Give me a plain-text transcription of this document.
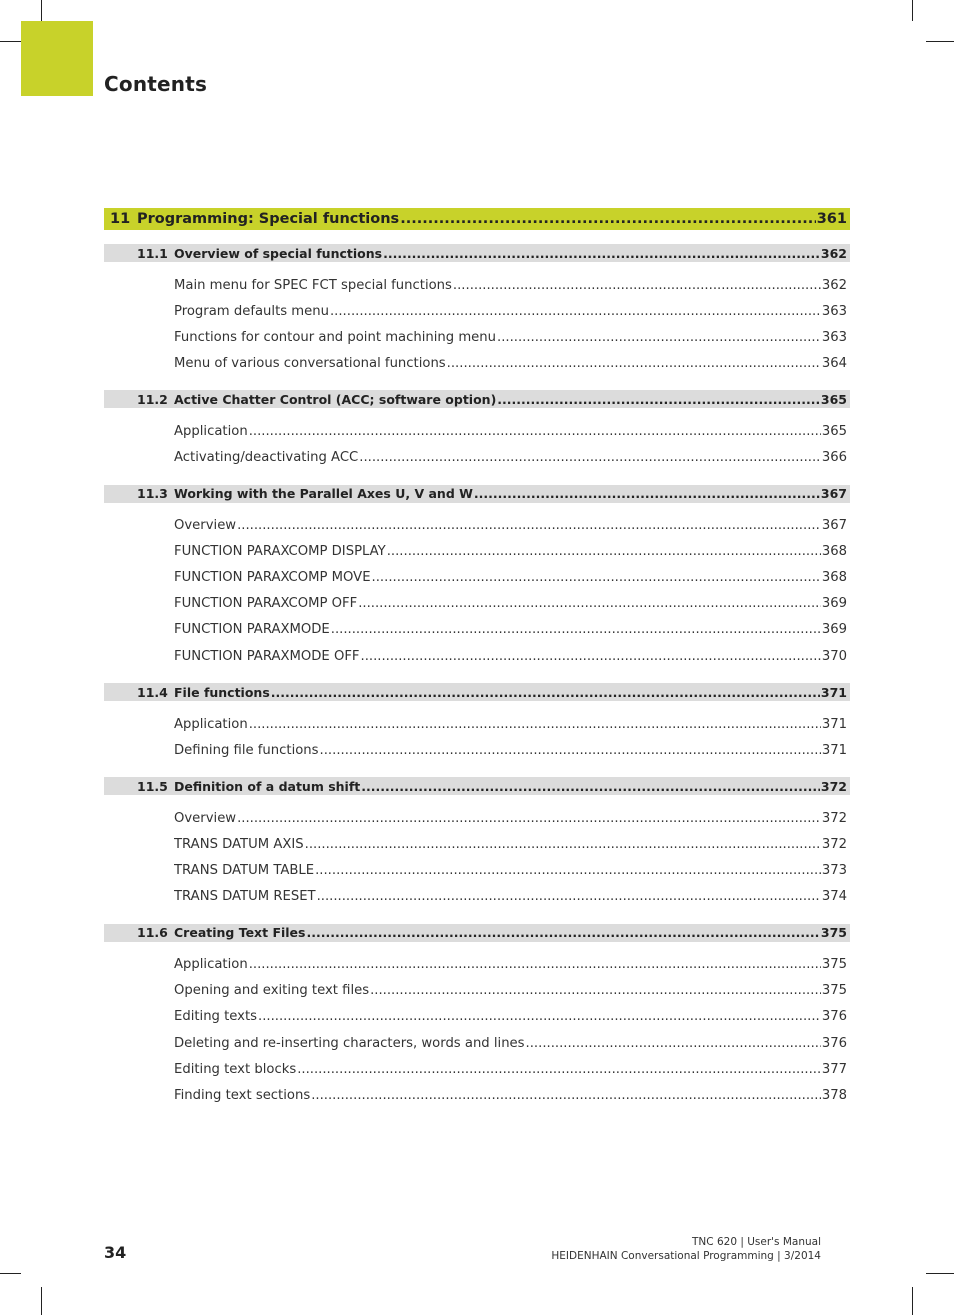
Contents
11 Programming: Special functions .....	361
11.1 Overview of special functions .....	362
Main menu for SPEC FCT special functions .....	362
Program defaults menu .....	363
Functions for contour and point machining menu .....	363
Menu of various conversational functions .....	364
11.2 Active Chatter Control (ACC; software option) .....	365
Application .....	365
Activating/deactivating ACC .....	366
11.3 Working with the Parallel Axes U, V and W .....	367
Overview .....	367
FUNCTION PARAXCOMP DISPLAY .....	368
FUNCTION PARAXCOMP MOVE .....	368
FUNCTION PARAXCOMP OFF .....	369
FUNCTION PARAXMODE .....	369
FUNCTION PARAXMODE OFF .....	370
11.4 File functions .....	371
Application .....	371
Defining file functions .....	371
11.5 Definition of a datum shift .....	372
Overview .....	372
TRANS DATUM AXIS .....	372
TRANS DATUM TABLE .....	373
TRANS DATUM RESET .....	374
11.6 Creating Text Files .....	375
Application .....	375
Opening and exiting text files .....	375
Editing texts .....	376
Deleting and re-inserting characters, words and lines .....	376
Editing text blocks .....	377
Finding text sections .....	378
34
TNC 620 | User's Manual
HEIDENHAIN Conversational Programming | 3/2014
